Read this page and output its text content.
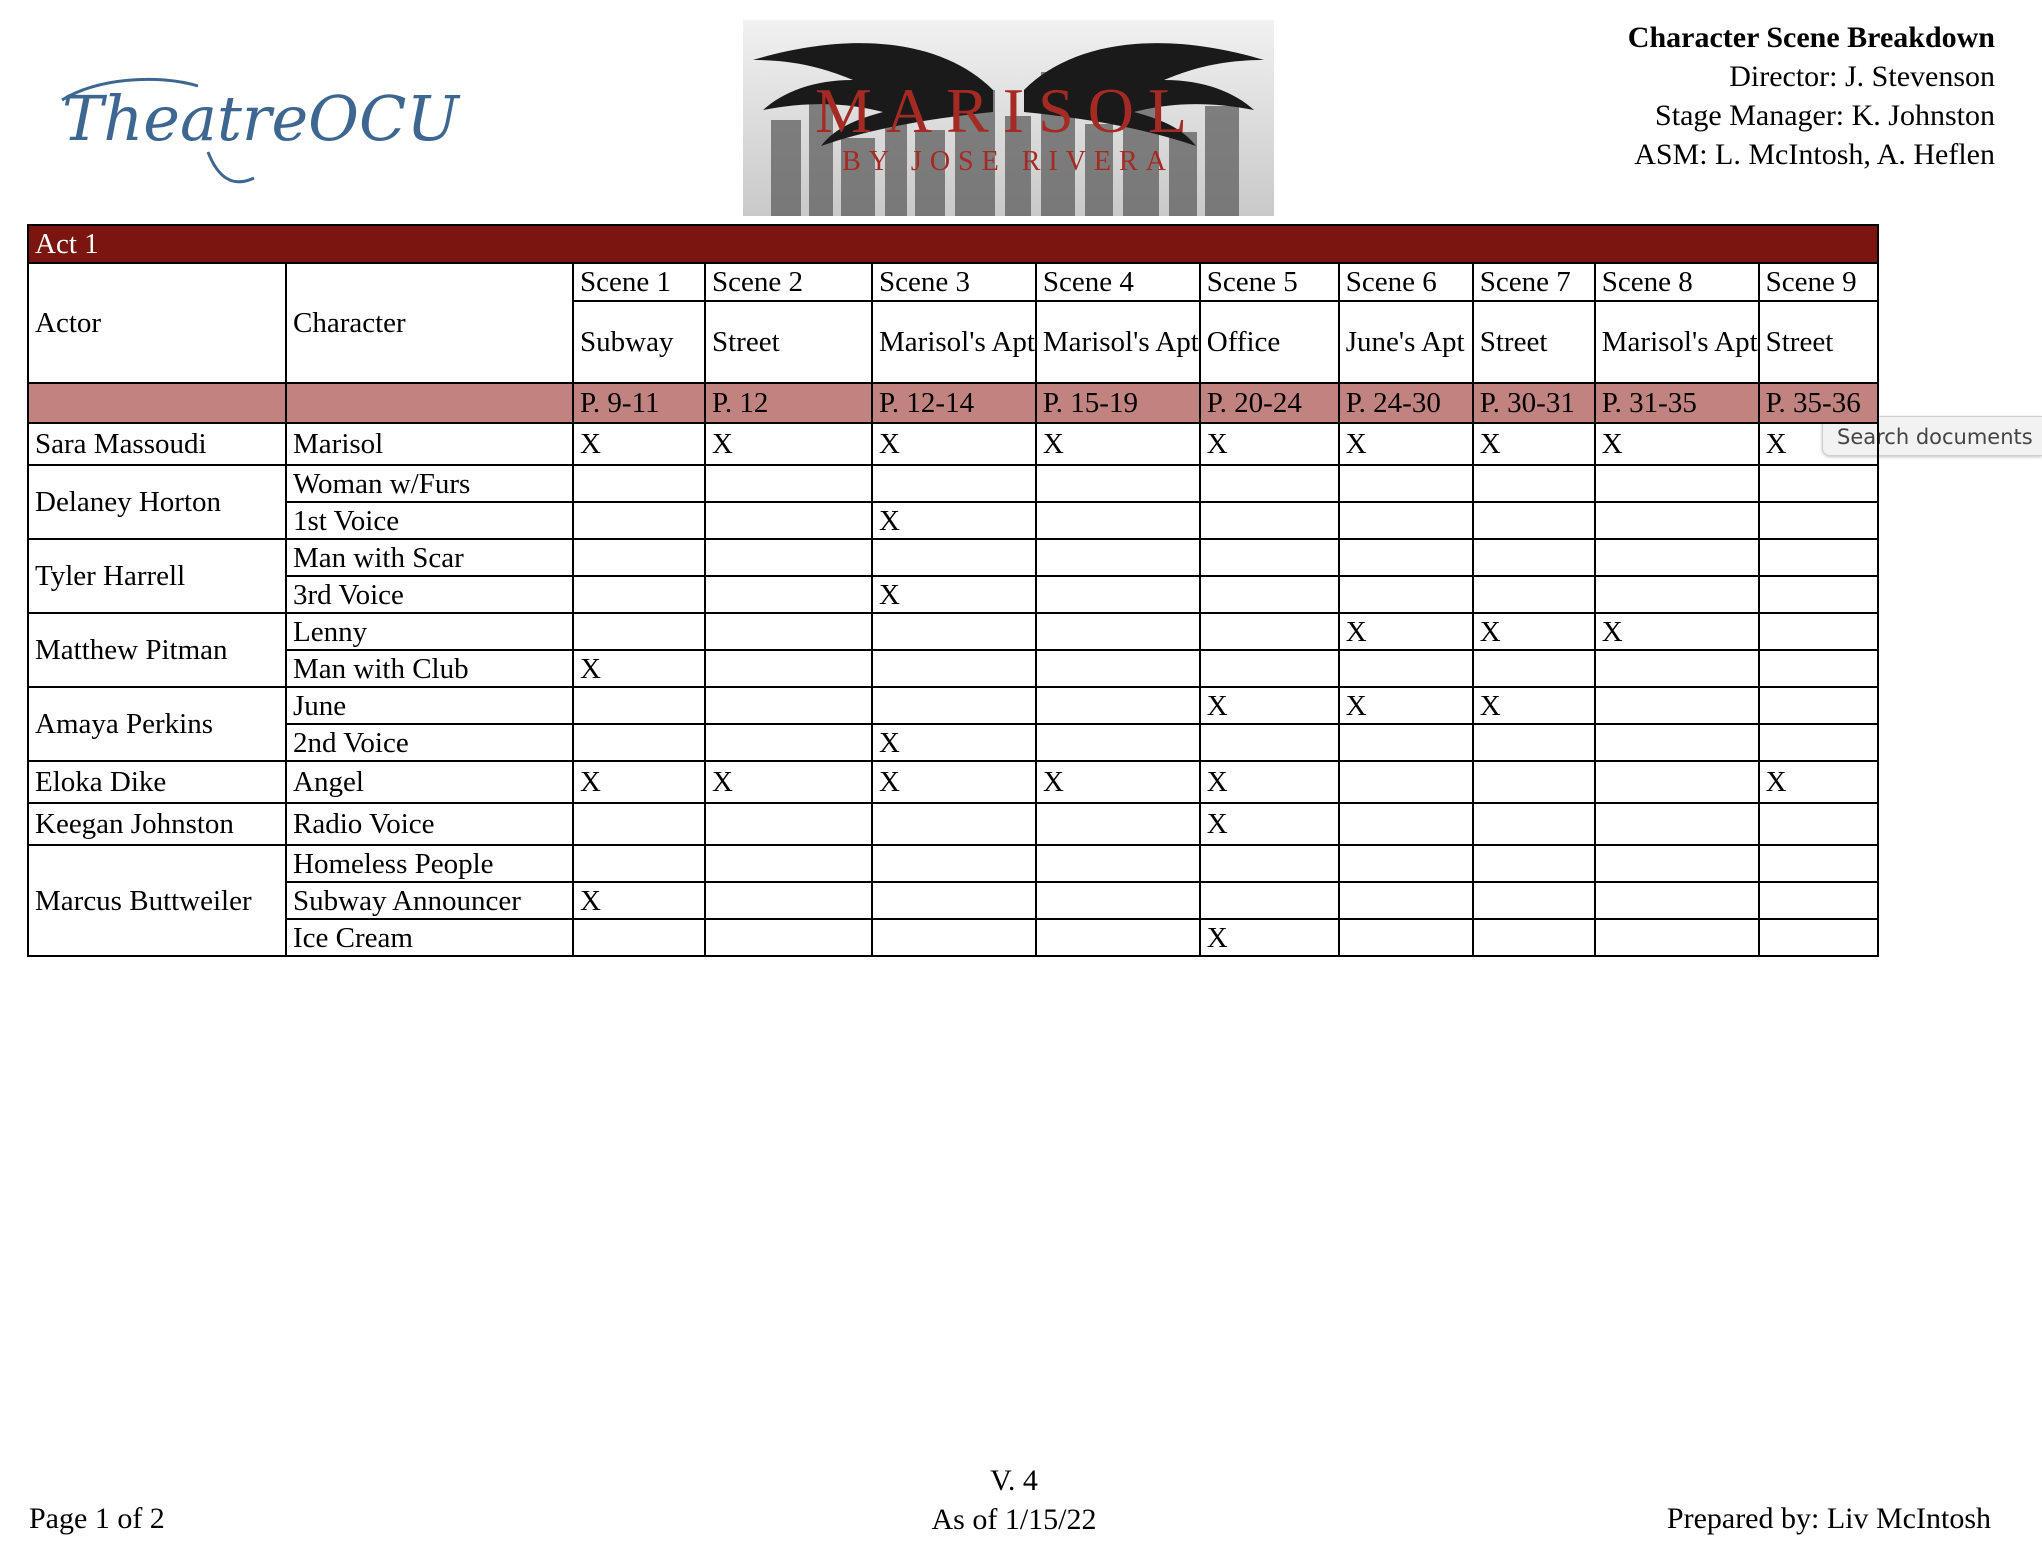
TheatreOCU	MARISOL
BY JOSE RIVERA
Character Scene Breakdown
Director: J. Stevenson
Stage Manager: K. Johnston
ASM: L. McIntosh, A. Heflen
Search documents
Act 1										
Actor	Character	Scene 1	Scene 2	Scene 3	Scene 4	Scene 5	Scene 6	Scene 7	Scene 8	Scene 9
		Subway	Street	Marisol's Apt	Marisol's Apt	Office	June's Apt	Street	Marisol's Apt	Street
		P. 9-11	P. 12	P. 12-14	P. 15-19	P. 20-24	P. 24-30	P. 30-31	P. 31-35	P. 35-36
Sara Massoudi	Marisol	X	X	X	X	X	X	X	X	X
Delaney Horton	Woman w/Furs									
	1st Voice			X						
Tyler Harrell	Man with Scar									
	3rd Voice			X						
Matthew Pitman	Lenny						X	X	X	
	Man with Club	X								
Amaya Perkins	June					X	X	X		
	2nd Voice			X						
Eloka Dike	Angel	X	X	X	X	X				X
Keegan Johnston	Radio Voice					X				
Marcus Buttweiler	Homeless People									
	Subway Announcer	X								
	Ice Cream					X				
Page 1 of 2
V. 4
As of 1/15/22	Prepared by: Liv McIntosh
